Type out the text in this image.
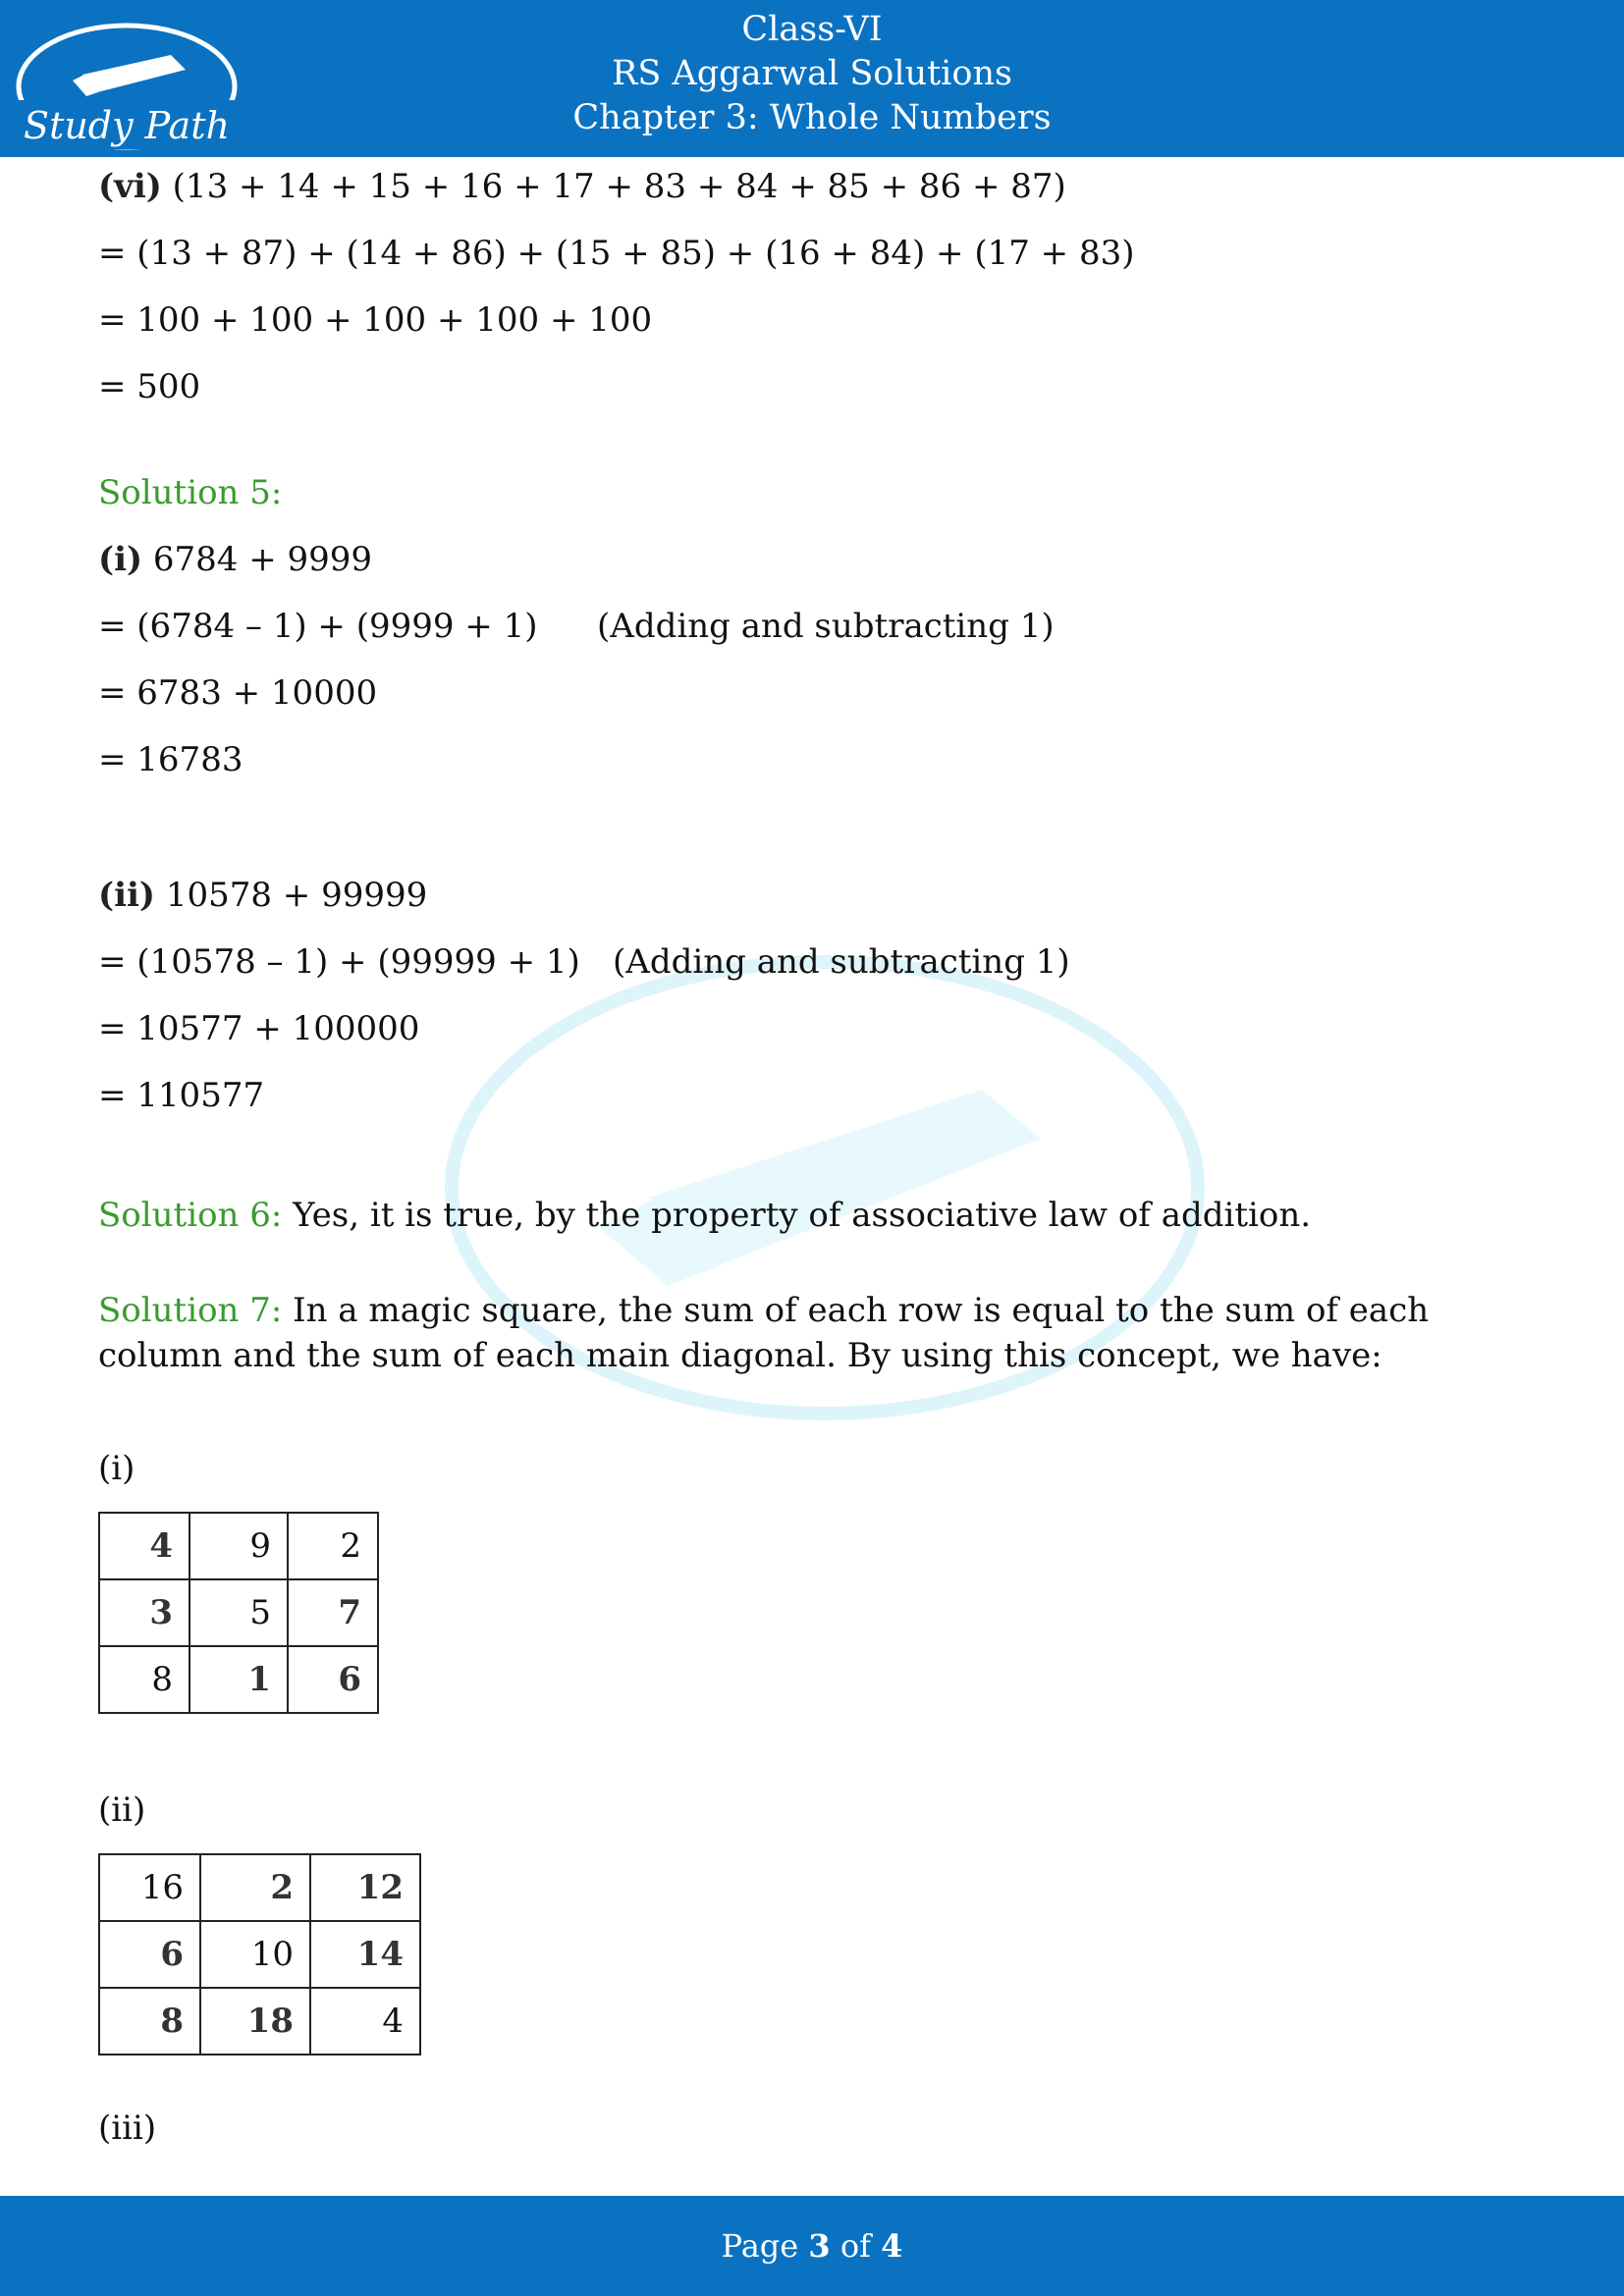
Study Path
Class-VI
RS Aggarwal Solutions
Chapter 3: Whole Numbers
(vi) (13 + 14 + 15 + 16 + 17 + 83 + 84 + 85 + 86 + 87)
= (13 + 87) + (14 + 86) + (15 + 85) + (16 + 84) + (17 + 83)
= 100 + 100 + 100 + 100 + 100
= 500
Solution 5:
(i) 6784 + 9999
= (6784 – 1) + (9999 + 1) (Adding and subtracting 1)
= 6783 + 10000
= 16783
(ii) 10578 + 99999
= (10578 – 1) + (99999 + 1) (Adding and subtracting 1)
= 10577 + 100000
= 110577
Solution 6: Yes, it is true, by the property of associative law of addition.
Solution 7: In a magic square, the sum of each row is equal to the sum of each column and the sum of each main diagonal. By using this concept, we have:
(i)
4	9	2
3	5	7
8	1	6
(ii)
16	2	12
6	10	14
8	18	4
(iii)
Page 3 of 4
